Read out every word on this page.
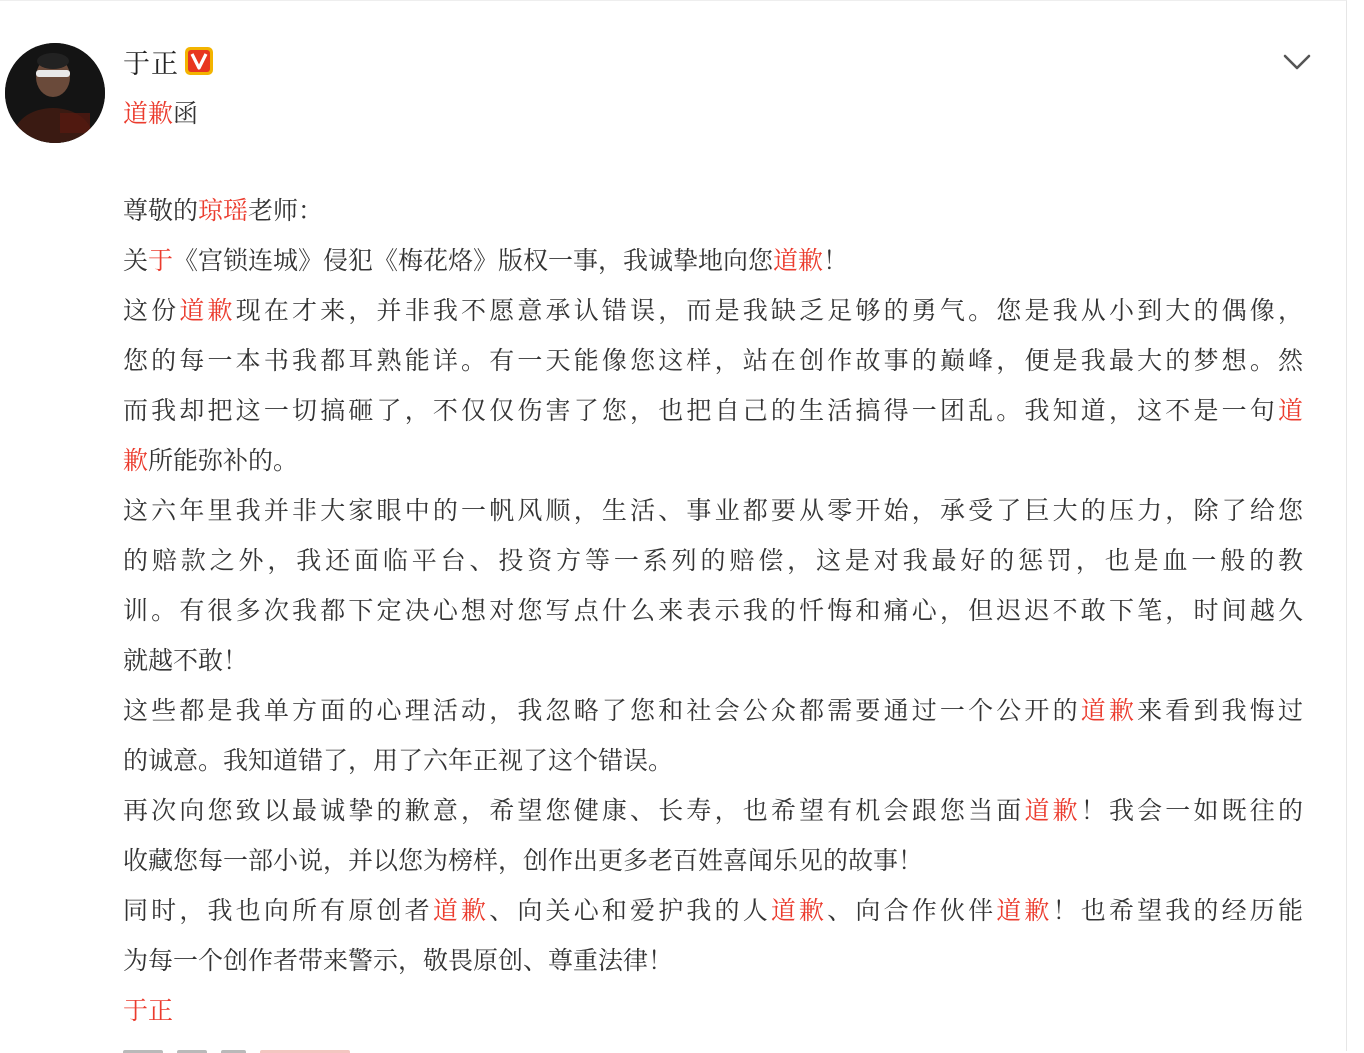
于正
道歉函
尊敬的琼瑶老师：
关于《宫锁连城》侵犯《梅花烙》版权一事，我诚挚地向您道歉！
这份道歉现在才来，并非我不愿意承认错误，而是我缺乏足够的勇气。您是我从小到大的偶像，
您的每一本书我都耳熟能详。有一天能像您这样，站在创作故事的巅峰，便是我最大的梦想。然
而我却把这一切搞砸了，不仅仅伤害了您，也把自己的生活搞得一团乱。我知道，这不是一句道
歉所能弥补的。
这六年里我并非大家眼中的一帆风顺，生活、事业都要从零开始，承受了巨大的压力，除了给您
的赔款之外，我还面临平台、投资方等一系列的赔偿，这是对我最好的惩罚，也是血一般的教
训。有很多次我都下定决心想对您写点什么来表示我的忏悔和痛心，但迟迟不敢下笔，时间越久
就越不敢！
这些都是我单方面的心理活动，我忽略了您和社会公众都需要通过一个公开的道歉来看到我悔过
的诚意。我知道错了，用了六年正视了这个错误。
再次向您致以最诚挚的歉意，希望您健康、长寿，也希望有机会跟您当面道歉！我会一如既往的
收藏您每一部小说，并以您为榜样，创作出更多老百姓喜闻乐见的故事！
同时，我也向所有原创者道歉、向关心和爱护我的人道歉、向合作伙伴道歉！也希望我的经历能
为每一个创作者带来警示，敬畏原创、尊重法律！
于正
